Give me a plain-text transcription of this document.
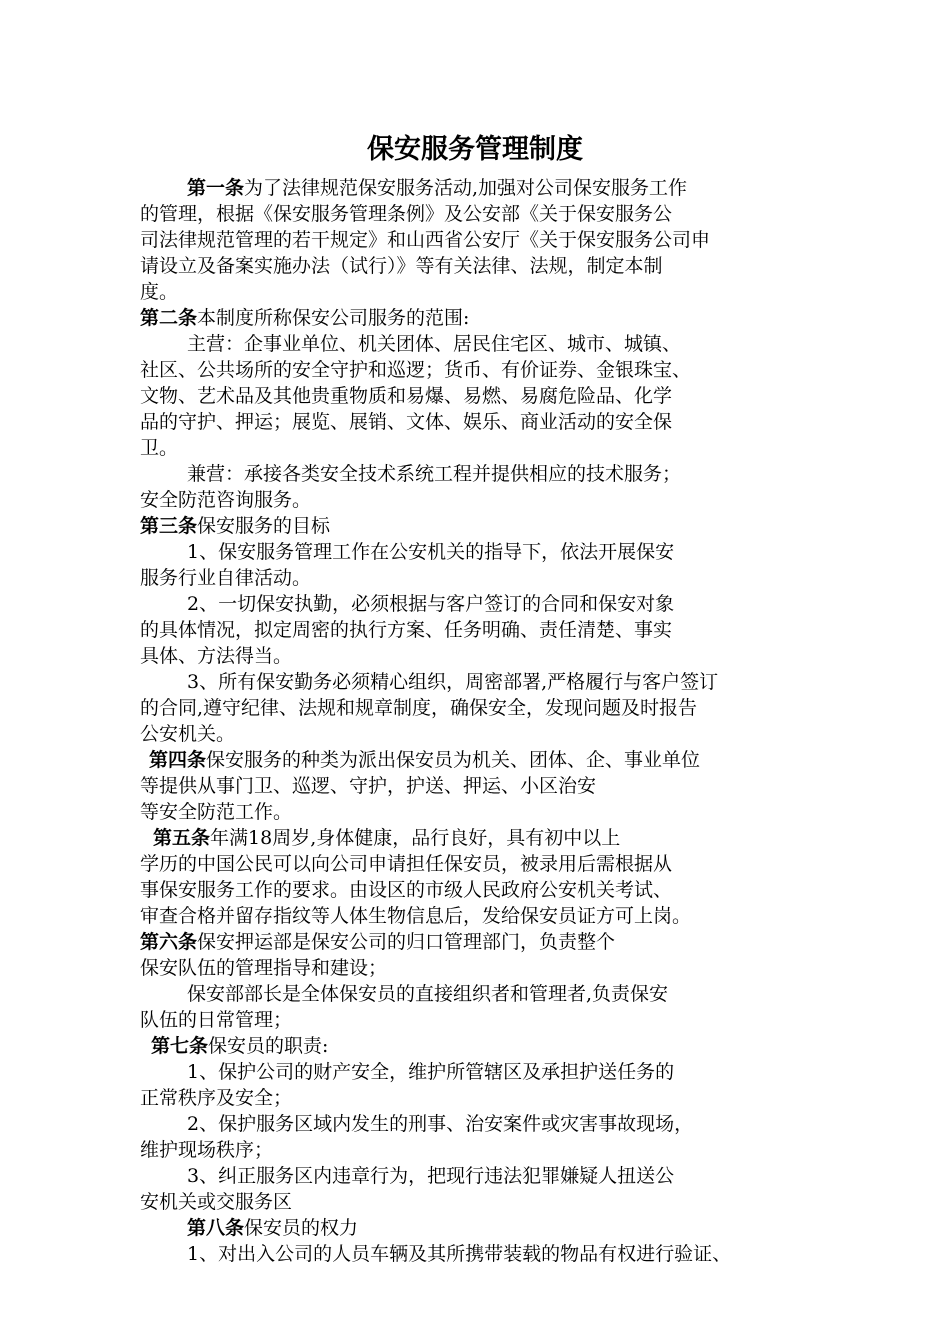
保安服务管理制度
第一条为了法律规范保安服务活动,加强对公司保安服务工作
的管理，根据《保安服务管理条例》及公安部《关于保安服务公
司法律规范管理的若干规定》和山西省公安厅《关于保安服务公司申
请设立及备案实施办法（试行）》等有关法律、法规，制定本制
度。
第二条本制度所称保安公司服务的范围:
主营：企事业单位、机关团体、居民住宅区、城市、城镇、
社区、公共场所的安全守护和巡逻；货币、有价证券、金银珠宝、
文物、艺术品及其他贵重物质和易爆、易燃、易腐危险品、化学
品的守护、押运；展览、展销、文体、娱乐、商业活动的安全保
卫。
兼营：承接各类安全技术系统工程并提供相应的技术服务；
安全防范咨询服务。
第三条保安服务的目标
1、保安服务管理工作在公安机关的指导下，依法开展保安
服务行业自律活动。
2、一切保安执勤，必须根据与客户签订的合同和保安对象
的具体情况，拟定周密的执行方案、任务明确、责任清楚、事实
具体、方法得当。
3、所有保安勤务必须精心组织，周密部署,严格履行与客户签订
的合同,遵守纪律、法规和规章制度，确保安全，发现问题及时报告
公安机关。
第四条保安服务的种类为派出保安员为机关、团体、企、事业单位
等提供从事门卫、巡逻、守护，护送、押运、小区治安
等安全防范工作。
第五条年满18周岁,身体健康，品行良好，具有初中以上
学历的中国公民可以向公司申请担任保安员，被录用后需根据从
事保安服务工作的要求。由设区的市级人民政府公安机关考试、
审查合格并留存指纹等人体生物信息后，发给保安员证方可上岗。
第六条保安押运部是保安公司的归口管理部门，负责整个
保安队伍的管理指导和建设；
保安部部长是全体保安员的直接组织者和管理者,负责保安
队伍的日常管理；
第七条保安员的职责:
1、保护公司的财产安全，维护所管辖区及承担护送任务的
正常秩序及安全；
2、保护服务区域内发生的刑事、治安案件或灾害事故现场，
维护现场秩序；
3、纠正服务区内违章行为，把现行违法犯罪嫌疑人扭送公
安机关或交服务区
第八条保安员的权力
1、对出入公司的人员车辆及其所携带装载的物品有权进行验证、
